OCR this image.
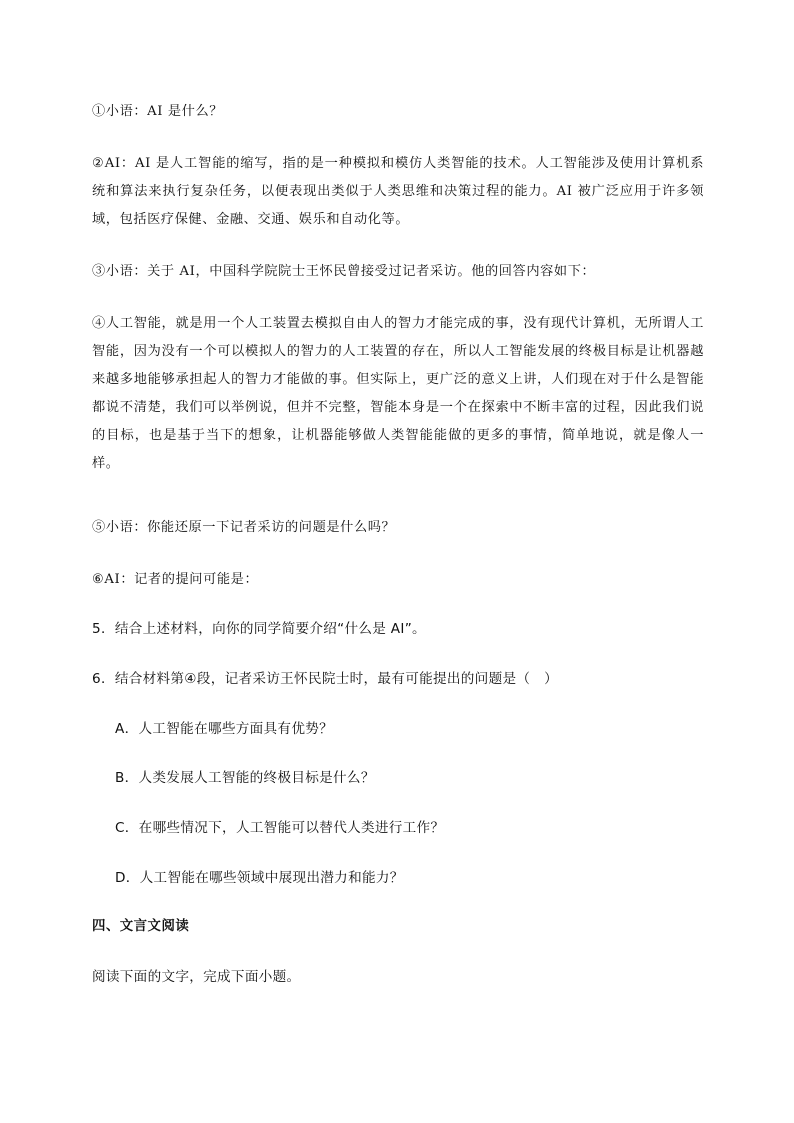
①小语：AI 是什么？

②AI：AI 是人工智能的缩写，指的是一种模拟和模仿人类智能的技术。人工智能涉及使用计算机系统和算法来执行复杂任务，以便表现出类似于人类思维和决策过程的能力。AI 被广泛应用于许多领域，包括医疗保健、金融、交通、娱乐和自动化等。

③小语：关于 AI，中国科学院院士王怀民曾接受过记者采访。他的回答内容如下：

④人工智能，就是用一个人工装置去模拟自由人的智力才能完成的事，没有现代计算机，无所谓人工智能，因为没有一个可以模拟人的智力的人工装置的存在，所以人工智能发展的终极目标是让机器越来越多地能够承担起人的智力才能做的事。但实际上，更广泛的意义上讲，人们现在对于什么是智能都说不清楚，我们可以举例说，但并不完整，智能本身是一个在探索中不断丰富的过程，因此我们说的目标，也是基于当下的想象，让机器能够做人类智能能做的更多的事情，简单地说，就是像人一样。

⑤小语：你能还原一下记者采访的问题是什么吗？

⑥AI：记者的提问可能是：

5．结合上述材料，向你的同学简要介绍“什么是 AI”。

6．结合材料第④段，记者采访王怀民院士时，最有可能提出的问题是（　）

A．人工智能在哪些方面具有优势？

B．人类发展人工智能的终极目标是什么？

C．在哪些情况下，人工智能可以替代人类进行工作？

D．人工智能在哪些领域中展现出潜力和能力？

四、文言文阅读

阅读下面的文字，完成下面小题。
